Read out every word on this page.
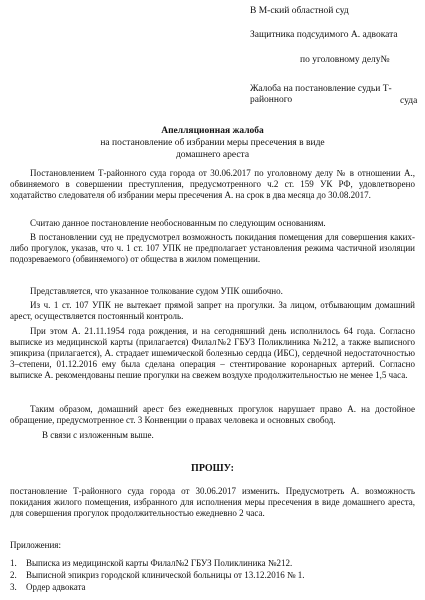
В М-ский областной суд
Защитника подсудимого А. адвоката
по уголовному делу№
Жалоба на постановление судьи Т-районного	суда
Апелляционная жалоба
на постановление об избрании меры пресечения в виде
домашнего ареста
Постановлением Т-районного суда города от 30.06.2017 по уголовному делу № в отношении А., обвиняемого в совершении преступления, предусмотренного ч.2 ст. 159 УК РФ, удовлетворено ходатайство следователя об избрании меры пресечения А. на срок в два месяца до 30.08.2017.
Считаю данное постановление необоснованным по следующим основаниям.
В постановлении суд не предусмотрел возможность покидания помещения для совершения каких-либо прогулок, указав, что ч. 1 ст. 107 УПК не предполагает установления режима частичной изоляции подозреваемого (обвиняемого) от общества в жилом помещении.
Представляется, что указанное толкование судом УПК ошибочно.
Из ч. 1 ст. 107 УПК не вытекает прямой запрет на прогулки. За лицом, отбывающим домашний арест, осуществляется постоянный контроль.
При этом А. 21.11.1954 года рождения, и на сегодняшний день исполнилось 64 года. Согласно выписке из медицинской карты (прилагается) Филал№2 ГБУЗ Поликлиника №212, а также выписного эпикриза (прилагается), А. страдает ишемической болезнью сердца (ИБС), сердечной недостаточностью 3–степени, 01.12.2016 ему была сделана операция – стентирование коронарных артерий. Согласно выписке А. рекомендованы пешие прогулки на свежем воздухе продолжительностью не менее 1,5 часа.
Таким образом, домашний арест без ежедневных прогулок нарушает право А. на достойное обращение, предусмотренное ст. 3 Конвенции о правах человека и основных свобод.
В связи с изложенным выше.
ПРОШУ:
постановление Т-районного суда города от 30.06.2017 изменить. Предусмотреть А. возможность покидания жилого помещения, избранного для исполнения меры пресечения в виде домашнего ареста, для совершения прогулок продолжительностью ежедневно 2 часа.
Приложения:
1. Выписка из медицинской карты Филал№2 ГБУЗ Поликлиника №212.
2. Выписной эпикриз городской клинической больницы от 13.12.2016 № 1.
3. Ордер адвоката
